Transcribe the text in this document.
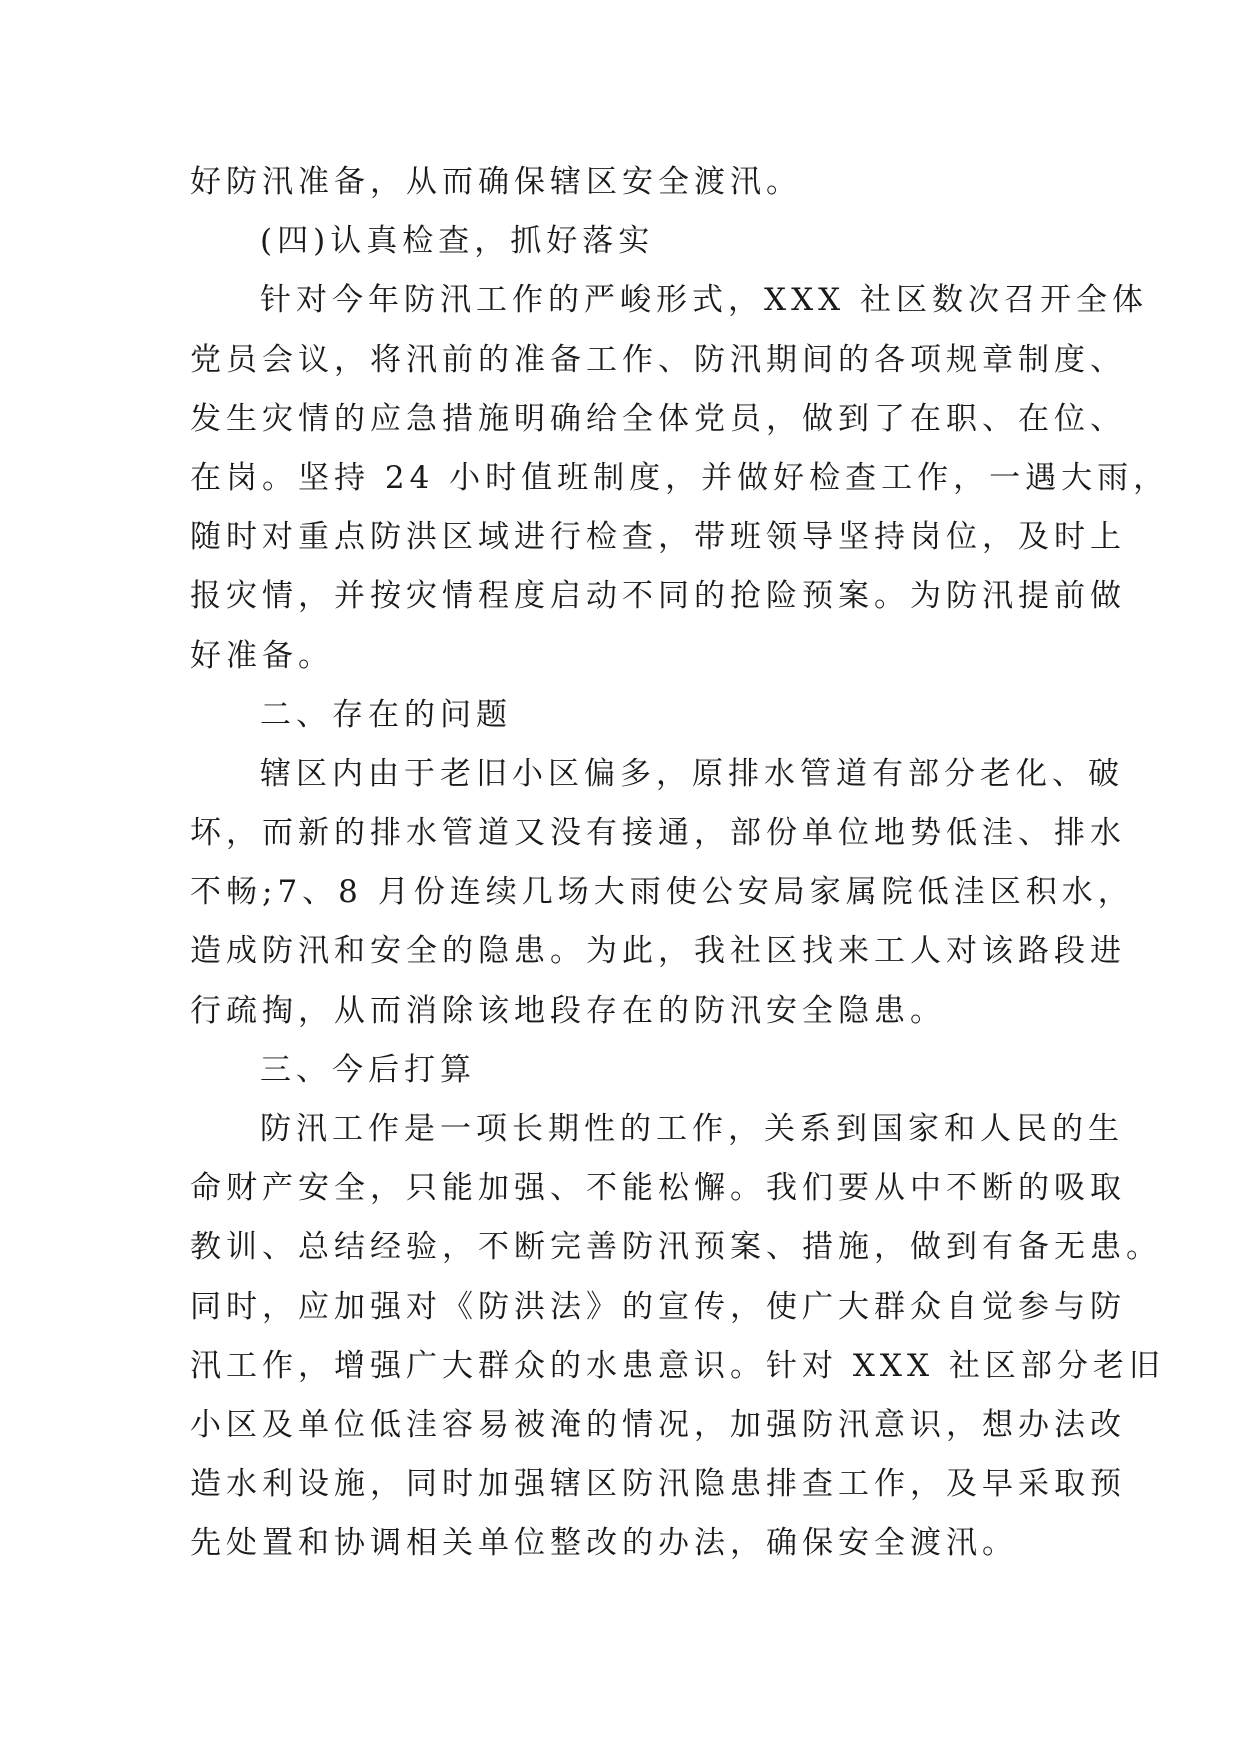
好防汛准备，从而确保辖区安全渡汛。
(四)认真检查，抓好落实
针对今年防汛工作的严峻形式，XXX 社区数次召开全体
党员会议，将汛前的准备工作、防汛期间的各项规章制度、
发生灾情的应急措施明确给全体党员，做到了在职、在位、
在岗。坚持 24 小时值班制度，并做好检查工作，一遇大雨，
随时对重点防洪区域进行检查，带班领导坚持岗位，及时上
报灾情，并按灾情程度启动不同的抢险预案。为防汛提前做
好准备。
二、存在的问题
辖区内由于老旧小区偏多，原排水管道有部分老化、破
坏，而新的排水管道又没有接通，部份单位地势低洼、排水
不畅;7、8 月份连续几场大雨使公安局家属院低洼区积水，
造成防汛和安全的隐患。为此，我社区找来工人对该路段进
行疏掏，从而消除该地段存在的防汛安全隐患。
三、今后打算
防汛工作是一项长期性的工作，关系到国家和人民的生
命财产安全，只能加强、不能松懈。我们要从中不断的吸取
教训、总结经验，不断完善防汛预案、措施，做到有备无患。
同时，应加强对《防洪法》的宣传，使广大群众自觉参与防
汛工作，增强广大群众的水患意识。针对 XXX 社区部分老旧
小区及单位低洼容易被淹的情况，加强防汛意识，想办法改
造水利设施，同时加强辖区防汛隐患排查工作，及早采取预
先处置和协调相关单位整改的办法，确保安全渡汛。
